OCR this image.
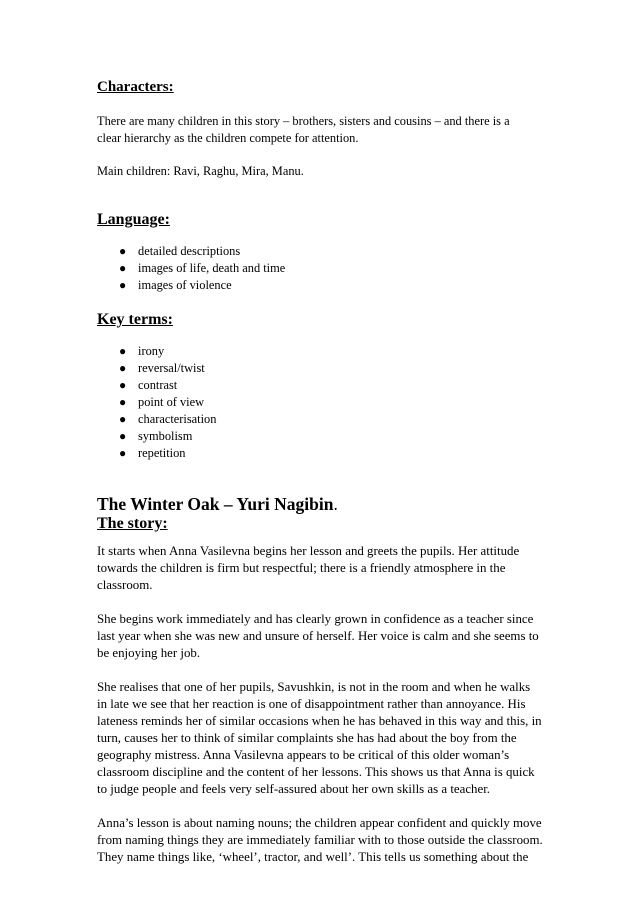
Characters:

There are many children in this story – brothers, sisters and cousins – and there is a

clear hierarchy as the children compete for attention.

Main children: Ravi, Raghu, Mira, Manu.

Language:

● detailed descriptions
● images of life, death and time
● images of violence

Key terms:

● irony
● reversal/twist
● contrast
● point of view
● characterisation
● symbolism
● repetition

The Winter Oak – Yuri Nagibin.

The story:

It starts when Anna Vasilevna begins her lesson and greets the pupils. Her attitude

towards the children is firm but respectful; there is a friendly atmosphere in the

classroom.

She begins work immediately and has clearly grown in confidence as a teacher since

last year when she was new and unsure of herself. Her voice is calm and she seems to

be enjoying her job.

She realises that one of her pupils, Savushkin, is not in the room and when he walks

in late we see that her reaction is one of disappointment rather than annoyance. His

lateness reminds her of similar occasions when he has behaved in this way and this, in

turn, causes her to think of similar complaints she has had about the boy from the

geography mistress. Anna Vasilevna appears to be critical of this older woman’s

classroom discipline and the content of her lessons. This shows us that Anna is quick

to judge people and feels very self-assured about her own skills as a teacher.

Anna’s lesson is about naming nouns; the children appear confident and quickly move

from naming things they are immediately familiar with to those outside the classroom.

They name things like, ‘wheel’, tractor, and well’. This tells us something about the
